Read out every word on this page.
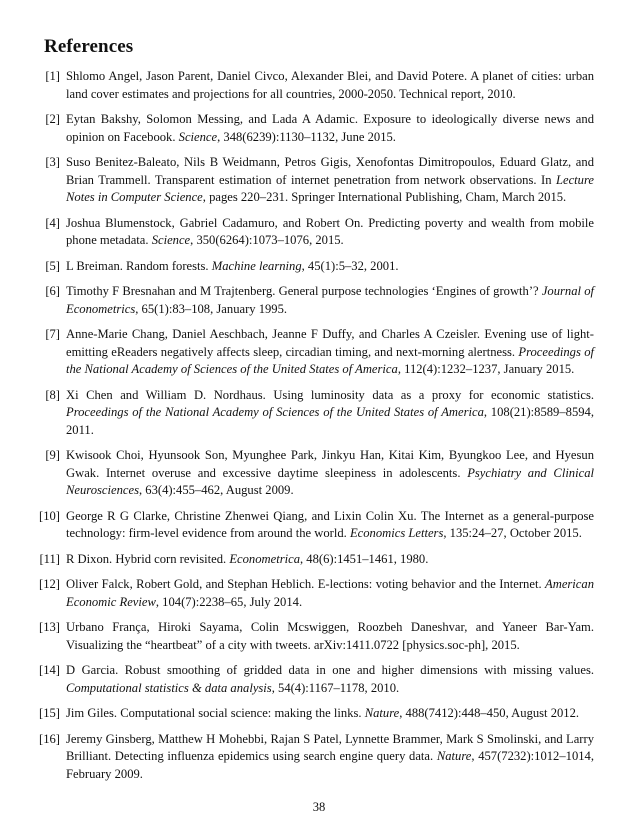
References
[1] Shlomo Angel, Jason Parent, Daniel Civco, Alexander Blei, and David Potere. A planet of cities: urban land cover estimates and projections for all countries, 2000-2050. Technical report, 2010.
[2] Eytan Bakshy, Solomon Messing, and Lada A Adamic. Exposure to ideologically diverse news and opinion on Facebook. Science, 348(6239):1130–1132, June 2015.
[3] Suso Benitez-Baleato, Nils B Weidmann, Petros Gigis, Xenofontas Dimitropoulos, Eduard Glatz, and Brian Trammell. Transparent estimation of internet penetration from network observations. In Lecture Notes in Computer Science, pages 220–231. Springer International Publishing, Cham, March 2015.
[4] Joshua Blumenstock, Gabriel Cadamuro, and Robert On. Predicting poverty and wealth from mobile phone metadata. Science, 350(6264):1073–1076, 2015.
[5] L Breiman. Random forests. Machine learning, 45(1):5–32, 2001.
[6] Timothy F Bresnahan and M Trajtenberg. General purpose technologies ‘Engines of growth’? Journal of Econometrics, 65(1):83–108, January 1995.
[7] Anne-Marie Chang, Daniel Aeschbach, Jeanne F Duffy, and Charles A Czeisler. Evening use of light-emitting eReaders negatively affects sleep, circadian timing, and next-morning alertness. Proceedings of the National Academy of Sciences of the United States of America, 112(4):1232–1237, January 2015.
[8] Xi Chen and William D. Nordhaus. Using luminosity data as a proxy for economic statistics. Proceedings of the National Academy of Sciences of the United States of America, 108(21):8589–8594, 2011.
[9] Kwisook Choi, Hyunsook Son, Myunghee Park, Jinkyu Han, Kitai Kim, Byungkoo Lee, and Hyesun Gwak. Internet overuse and excessive daytime sleepiness in adolescents. Psychiatry and Clinical Neurosciences, 63(4):455–462, August 2009.
[10] George R G Clarke, Christine Zhenwei Qiang, and Lixin Colin Xu. The Internet as a general-purpose technology: firm-level evidence from around the world. Economics Letters, 135:24–27, October 2015.
[11] R Dixon. Hybrid corn revisited. Econometrica, 48(6):1451–1461, 1980.
[12] Oliver Falck, Robert Gold, and Stephan Heblich. E-lections: voting behavior and the Internet. American Economic Review, 104(7):2238–65, July 2014.
[13] Urbano França, Hiroki Sayama, Colin Mcswiggen, Roozbeh Daneshvar, and Yaneer Bar-Yam. Visualizing the “heartbeat” of a city with tweets. arXiv:1411.0722 [physics.soc-ph], 2015.
[14] D Garcia. Robust smoothing of gridded data in one and higher dimensions with missing values. Computational statistics & data analysis, 54(4):1167–1178, 2010.
[15] Jim Giles. Computational social science: making the links. Nature, 488(7412):448–450, August 2012.
[16] Jeremy Ginsberg, Matthew H Mohebbi, Rajan S Patel, Lynnette Brammer, Mark S Smolinski, and Larry Brilliant. Detecting influenza epidemics using search engine query data. Nature, 457(7232):1012–1014, February 2009.
38
